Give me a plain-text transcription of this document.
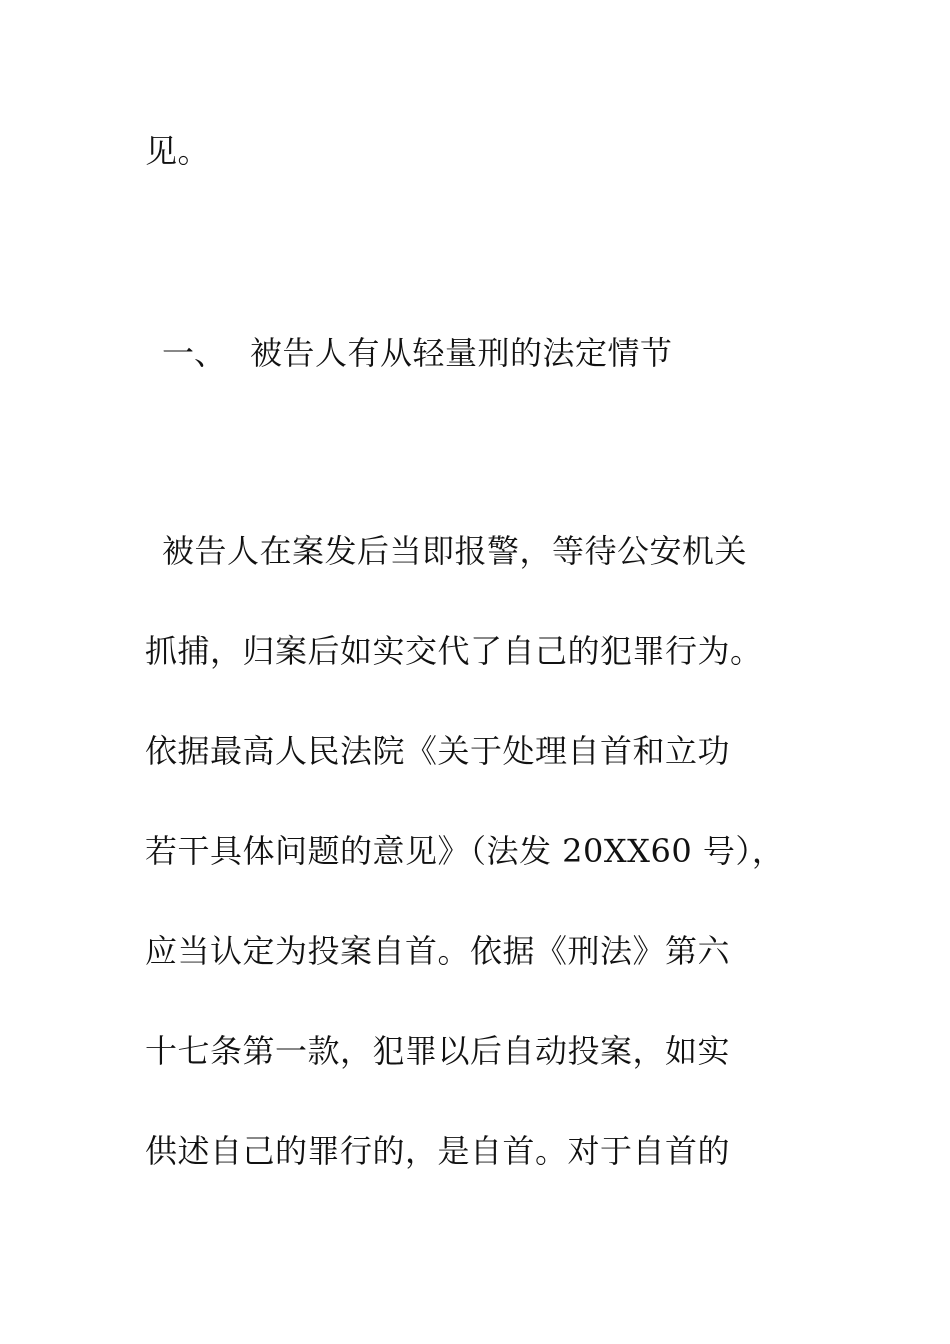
见。
一、 被告人有从轻量刑的法定情节
被告人在案发后当即报警，等待公安机关
抓捕，归案后如实交代了自己的犯罪行为。
依据最高人民法院《关于处理自首和立功
若干具体问题的意见》（法发 20XX60 号），
应当认定为投案自首。依据《刑法》第六
十七条第一款，犯罪以后自动投案，如实
供述自己的罪行的，是自首。对于自首的
